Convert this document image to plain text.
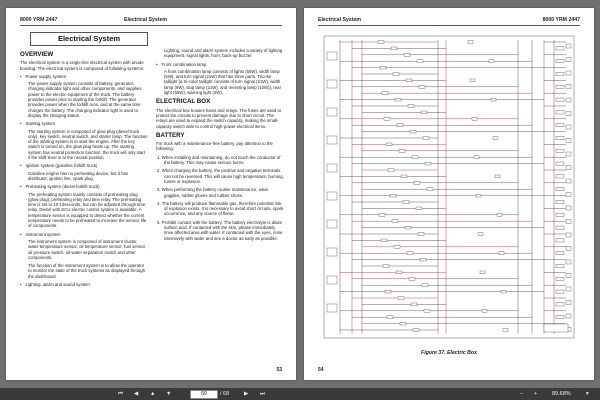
8000 YRM 2447	Electrical System
Electrical System
OVERVIEW

The electrical system is a single-line electrical system with anode bonding. The electrical system is composed of following systems:

• Power supply system

The power supply system consists of battery, generator, charging indicator light and other components, and supplies power to the electric equipment of the truck. The battery provides power prior to starting the forklift. The generator provides power when the forklift runs, and at the same time charges the battery. The charging indicator light is used to display the charging status.

• Starting system

The starting system is composed of glow plug (diesel truck only), key switch, neutral switch, and starter lamp. The function of the starting system is to start the engine. After the key switch is turned on, the glow plug heats up. The starting system has neutral protection function; the truck will only start if the shift lever is at the neutral position.

• Ignition system (gasoline forklift truck)

Gasoline engine has no preheating device, but it has distributor, ignition line, spark plug.

• Preheating system (diesel forklift truck)

The preheating system mainly consists of preheating plug (glow plug), preheating relay and time relay. The preheating time is set to 10-13seconds, but can be adjusted through time relay. Diesel with ECU electric control system is available. A temperature sensor is equipped to detect whether the current temperature needs to be preheated to increase the service life of components.

• Instrument system

The instrument system is composed of instrument cluster, water temperature sensor, oil temperature sensor, fuel sensor, oil pressure switch, oil-water separation switch and other components.

The function of the instrument system is to allow the operator to monitor the state of the truck systems as displayed through the dashboard.

• Lighting, alarm and sound system

Lighting, sound and alarm system includes a variety of lighting equipment, signal lights, horn, back-up buzzer.

• Front combination lamp

A front combination lamp consists of lights (55W), width lamp (5W), and turn signal (21W) that has three parts. Tricolor taillight (a tri-color taillight consists of turn signal (21W), width lamp (5W), stop lamp (21W), and reversing lamp (10W)), rear light (55W); warning light (2W).

ELECTRICAL BOX

The electrical box houses fuses and relays. The fuses are used to protect the circuits to prevent damage due to short circuit. The relays are used to expand the switch capacity, making the small-capacity switch able to control high-power electrical items.

BATTERY

For truck with a maintenance-free battery, pay attention to the following:

1. When installing and maintaining, do not touch the conductor of the battery. This may cause serious burns.

2. When charging the battery, the positive and negative terminals can not be reversed. This will cause high temperature, burning, fumes or explosion.

3. When performing the battery routine maintenance, wear goggles, rubber gloves and rubber shoes.

4. The battery will produce flammable gas, therefore potential risk of explosion exists. It is necessary to avoid short circuits, spark occurrence, and any source of flame.

5. Prohibit contact with the battery. The battery electrolyte is dilute sulfuric acid. If contacted with the skin, please immediately rinse affected area with water. If contacted with the eyes, rinse intensively with water and see a doctor as early as possible.

53
Electrical System	8000 YRM 2447
Figure 37. Electric Box
54
⏮ ◀ ▲ ▼	59	/ 68	▶ ⏭	− +	89.68%	▾
